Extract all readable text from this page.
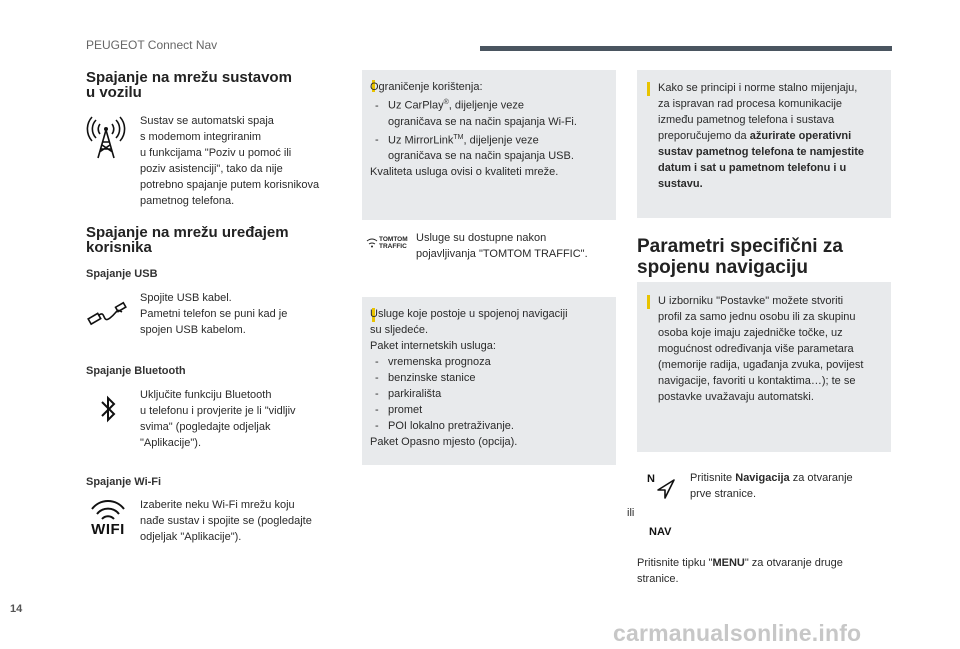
PEUGEOT Connect Nav
Spajanje na mrežu sustavom
u vozilu

Sustav se automatski spaja

s modemom integriranim

u funkcijama "Poziv u pomoć ili

poziv asistenciji", tako da nije

potrebno spajanje putem korisnikova

pametnog telefona.

Spajanje na mrežu uređajem
korisnika
Spajanje USB

Spojite USB kabel.

Pametni telefon se puni kad je

spojen USB kabelom.

Spajanje Bluetooth

Uključite funkciju Bluetooth

u telefonu i provjerite je li "vidljiv

svima" (pogledajte odjeljak

"Aplikacije").

Spajanje Wi-Fi
WIFI

Izaberite neku Wi-Fi mrežu koju

nađe sustav i spojite se (pogledajte

odjeljak "Aplikacije").

Ograničenje korištenja:

- Uz CarPlay®, dijeljenje veze
ograničava se na način spajanja Wi-Fi.

- Uz MirrorLink™, dijeljenje veze
ograničava se na način spajanja USB.

Kvaliteta usluga ovisi o kvaliteti mreže.

TOMTOM
TRAFFIC

Usluge su dostupne nakon

pojavljivanja "TOMTOM TRAFFIC".

Usluge koje postoje u spojenoj navigaciji

su sljedeće.

Paket internetskih usluga:

- vremenska prognoza

- benzinske stanice

- parkirališta

- promet

- POI lokalno pretraživanje.

Paket Opasno mjesto (opcija).

Kako se principi i norme stalno mijenjaju,

za ispravan rad procesa komunikacije

između pametnog telefona i sustava

preporučujemo da ažurirate operativni

sustav pametnog telefona te namjestite

datum i sat u pametnom telefonu i u

sustavu.

Parametri specifični za
spojenu navigaciju

U izborniku "Postavke" možete stvoriti

profil za samo jednu osobu ili za skupinu

osoba koje imaju zajedničke točke, uz

mogućnost određivanja više parametara

(memorije radija, ugađanja zvuka, povijest

navigacije, favoriti u kontaktima…); te se

postavke uvažavaju automatski.

N
ili
NAV

Pritisnite Navigacija za otvaranje

prve stranice.

Pritisnite tipku "MENU" za otvaranje druge

stranice.

14
carmanualsonline.info
